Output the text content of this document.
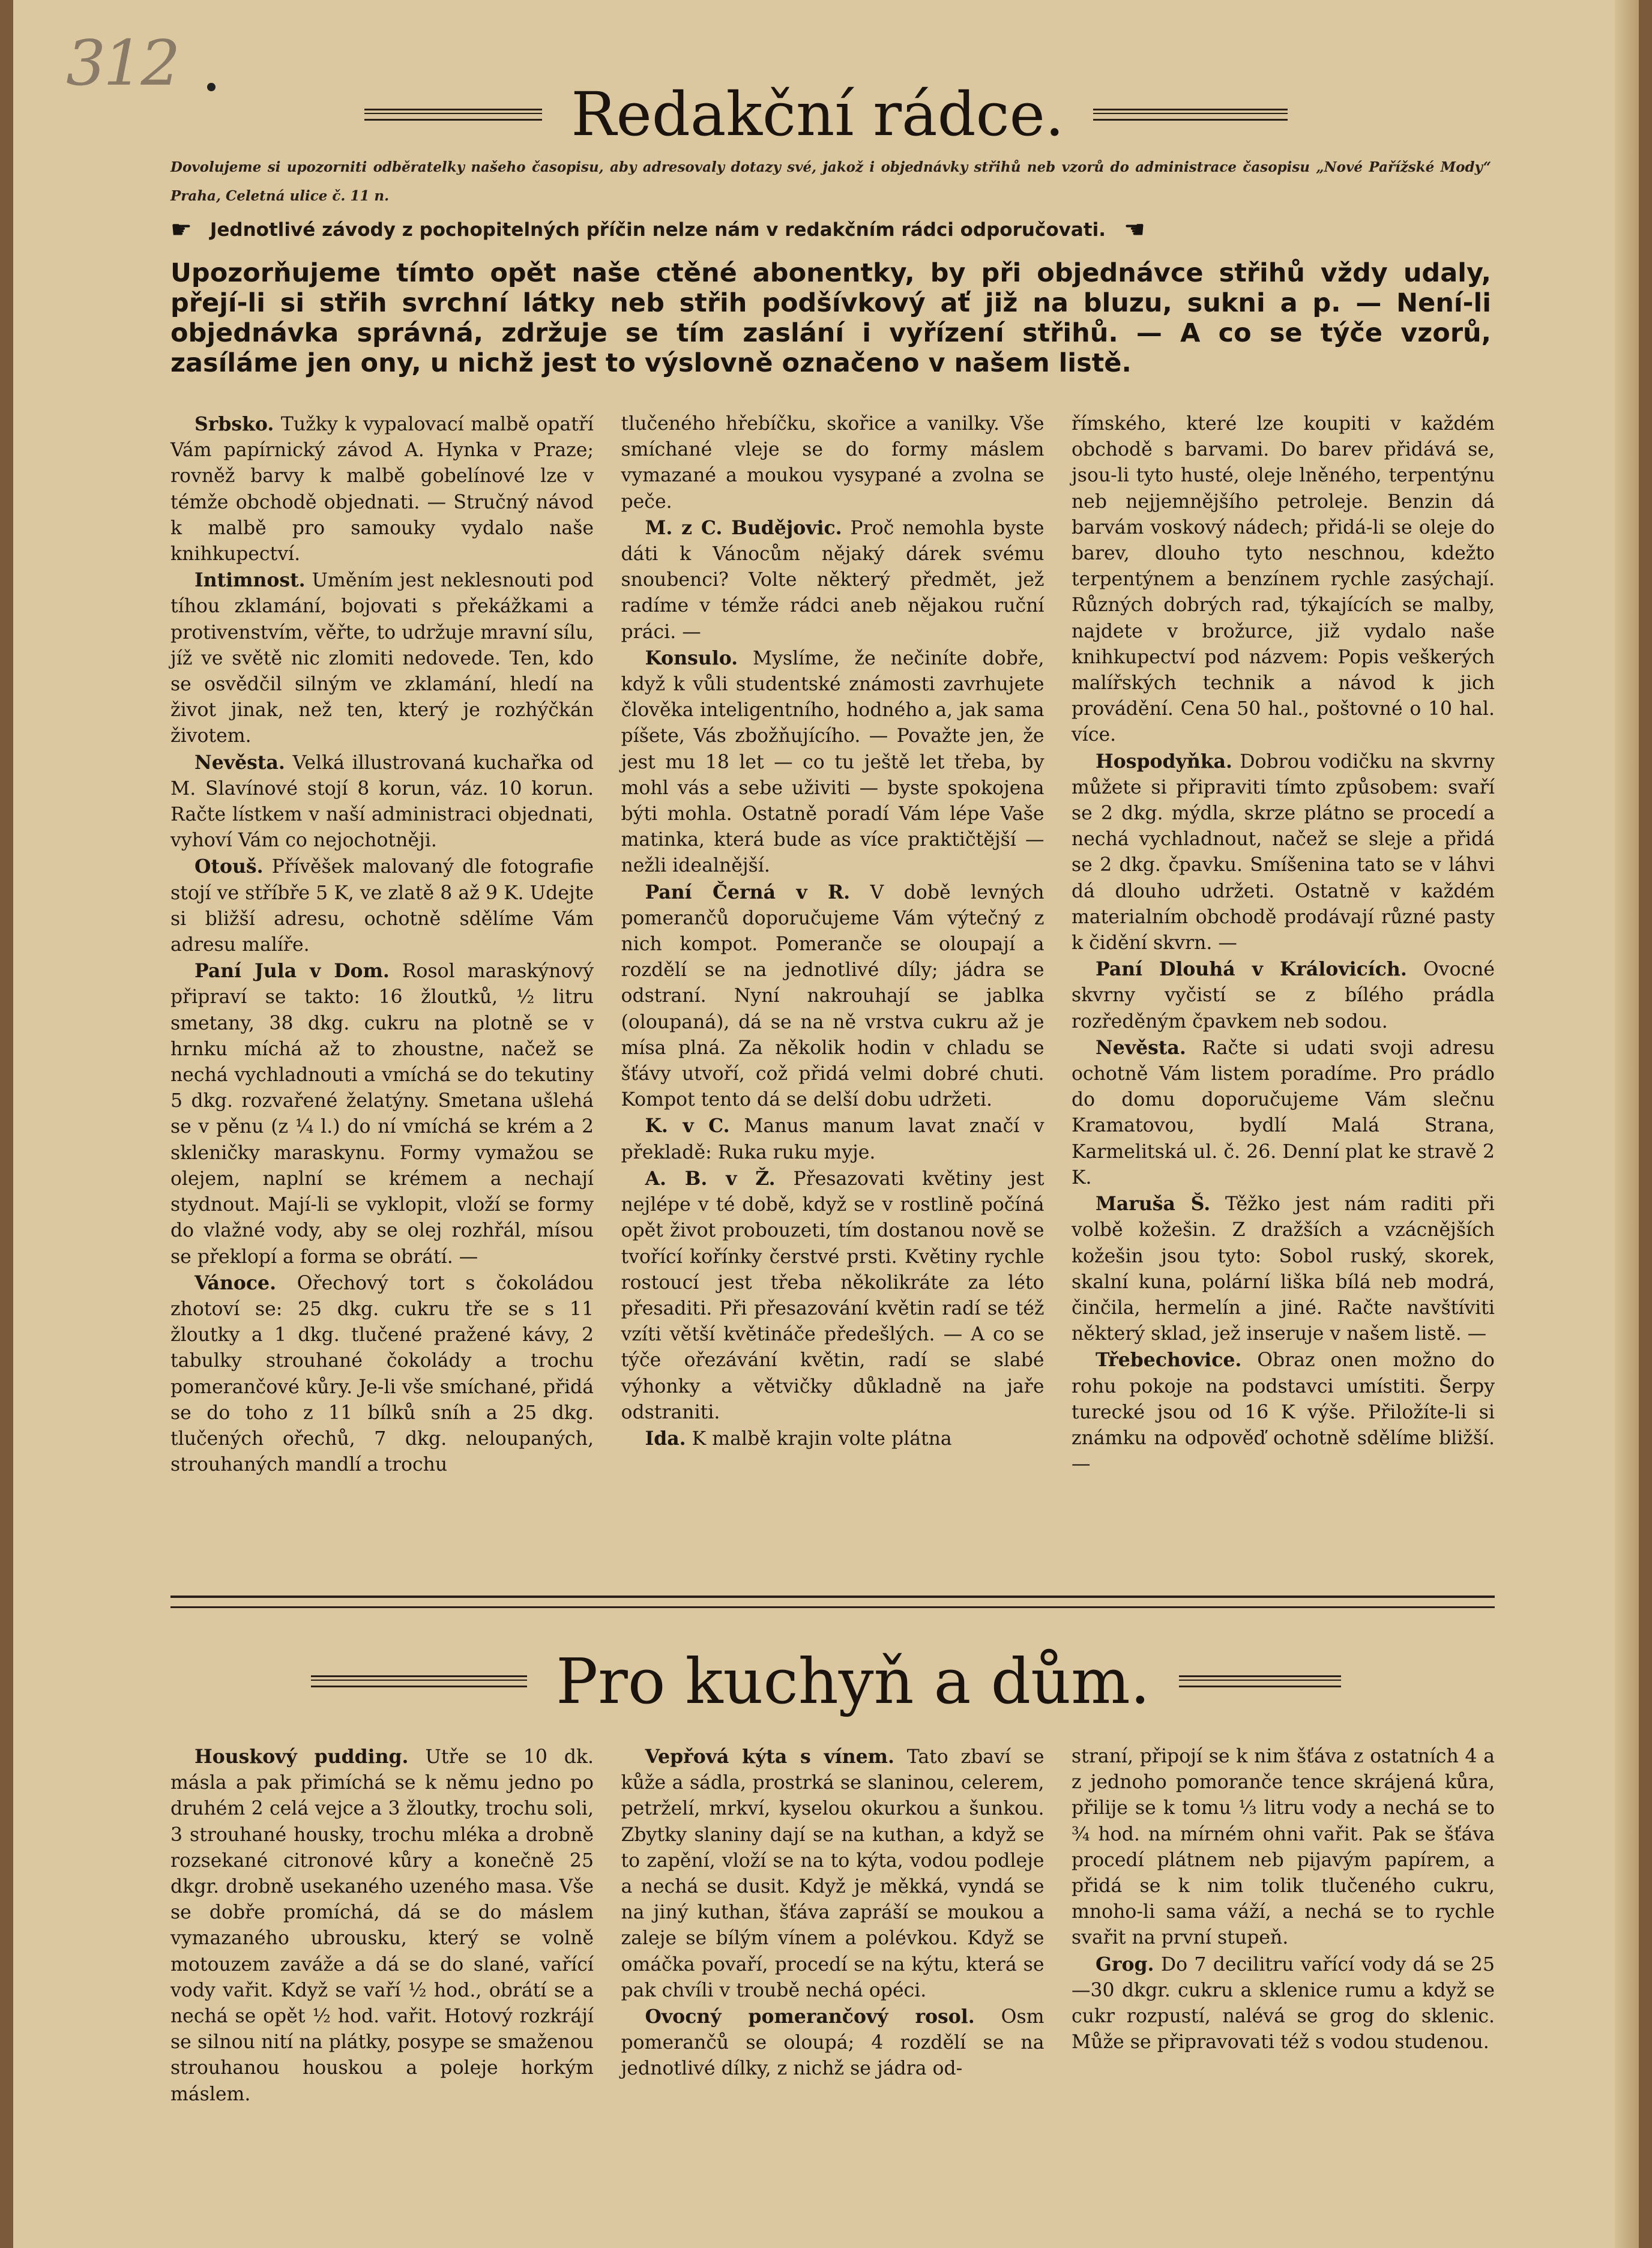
312
Redakční rádce.
Dovolujeme si upozorniti odběratelky našeho časopisu, aby adresovaly dotazy své, jakož i objednávky střihů neb vzorů do administrace časopisu „Nové Pařížské Mody“ Praha, Celetná ulice č. 11 n.
☛ Jednotlivé závody z pochopitelných příčin nelze nám v redakčním rádci odporučovati. ☚
Upozorňujeme tímto opět naše ctěné abonentky, by při objednávce střihů vždy udaly, přejí-li si střih svrchní látky neb střih podšívkový ať již na bluzu, sukni a p. — Není-li objednávka správná, zdržuje se tím zaslání i vyřízení střihů. — A co se týče vzorů, zasíláme jen ony, u nichž jest to výslovně označeno v našem listě.

Srbsko. Tužky k vypalovací malbě opatří Vám papírnický závod A. Hynka v Praze; rovněž barvy k malbě gobelínové lze v témže obchodě objednati. — Stručný návod k malbě pro samouky vydalo naše knihkupectví.

Intimnost. Uměním jest neklesnouti pod tíhou zklamání, bojovati s překážkami a protivenstvím, věřte, to udržuje mravní sílu, jíž ve světě nic zlomiti nedovede. Ten, kdo se osvědčil silným ve zklamání, hledí na život jinak, než ten, který je rozhýčkán životem.

Nevěsta. Velká illustrovaná kuchařka od M. Slavínové stojí 8 korun, váz. 10 korun. Račte lístkem v naší administraci objednati, vyhoví Vám co nejochotněji.

Otouš. Přívěšek malovaný dle fotografie stojí ve stříbře 5 K, ve zlatě 8 až 9 K. Udejte si bližší adresu, ochotně sdělíme Vám adresu malíře.

Paní Jula v Dom. Rosol maraskýnový připraví se takto: 16 žloutků, ½ litru smetany, 38 dkg. cukru na plotně se v hrnku míchá až to zhoustne, načež se nechá vychladnouti a vmíchá se do tekutiny 5 dkg. rozvařené želatýny. Smetana ušlehá se v pěnu (z ¼ l.) do ní vmíchá se krém a 2 skleničky maraskynu. Formy vymažou se olejem, naplní se krémem a nechají stydnout. Mají-li se vyklopit, vloží se formy do vlažné vody, aby se olej rozhřál, mísou se překlopí a forma se obrátí. —

Vánoce. Ořechový tort s čokoládou zhotoví se: 25 dkg. cukru tře se s 11 žloutky a 1 dkg. tlučené pražené kávy, 2 tabulky strouhané čokolády a trochu pomerančové kůry. Je-li vše smíchané, přidá se do toho z 11 bílků sníh a 25 dkg. tlučených ořechů, 7 dkg. neloupaných, strouhaných mandlí a trochu

tlučeného hřebíčku, skořice a vanilky. Vše smíchané vleje se do formy máslem vymazané a moukou vysypané a zvolna se peče.

M. z C. Budějovic. Proč nemohla byste dáti k Vánocům nějaký dárek svému snoubenci? Volte některý předmět, jež radíme v témže rádci aneb nějakou ruční práci. —

Konsulo. Myslíme, že nečiníte dobře, když k vůli studentské známosti zavrhujete člověka inteligentního, hodného a, jak sama píšete, Vás zbožňujícího. — Považte jen, že jest mu 18 let — co tu ještě let třeba, by mohl vás a sebe uživiti — byste spokojena býti mohla. Ostatně poradí Vám lépe Vaše matinka, která bude as více praktičtější — nežli idealnější.

Paní Černá v R. V době levných pomerančů doporučujeme Vám výtečný z nich kompot. Pomeranče se oloupají a rozdělí se na jednotlivé díly; jádra se odstraní. Nyní nakrouhají se jablka (oloupaná), dá se na ně vrstva cukru až je mísa plná. Za několik hodin v chladu se šťávy utvoří, což přidá velmi dobré chuti. Kompot tento dá se delší dobu udržeti.

K. v C. Manus manum lavat značí v překladě: Ruka ruku myje.

A. B. v Ž. Přesazovati květiny jest nejlépe v té době, když se v rostlině počíná opět život probouzeti, tím dostanou nově se tvořící kořínky čerstvé prsti. Květiny rychle rostoucí jest třeba několikráte za léto přesaditi. Při přesazování květin radí se též vzíti větší květináče předešlých. — A co se týče ořezávání květin, radí se slabé výhonky a větvičky důkladně na jaře odstraniti.

Ida. K malbě krajin volte plátna

římského, které lze koupiti v každém obchodě s barvami. Do barev přidává se, jsou-li tyto husté, oleje lněného, terpentýnu neb nejjemnějšího petroleje. Benzin dá barvám voskový nádech; přidá-li se oleje do barev, dlouho tyto neschnou, kdežto terpentýnem a benzínem rychle zasýchají. Různých dobrých rad, týkajících se malby, najdete v brožurce, již vydalo naše knihkupectví pod názvem: Popis veškerých malířských technik a návod k jich provádění. Cena 50 hal., poštovné o 10 hal. více.

Hospodyňka. Dobrou vodičku na skvrny můžete si připraviti tímto způsobem: svaří se 2 dkg. mýdla, skrze plátno se procedí a nechá vychladnout, načež se sleje a přidá se 2 dkg. čpavku. Smíšenina tato se v láhvi dá dlouho udržeti. Ostatně v každém materialním obchodě prodávají různé pasty k čidění skvrn. —

Paní Dlouhá v Královicích. Ovocné skvrny vyčistí se z bílého prádla rozředěným čpavkem neb sodou.

Nevěsta. Račte si udati svoji adresu ochotně Vám listem poradíme. Pro prádlo do domu doporučujeme Vám slečnu Kramatovou, bydlí Malá Strana, Karmelitská ul. č. 26. Denní plat ke stravě 2 K.

Maruša Š. Těžko jest nám raditi při volbě kožešin. Z dražších a vzácnějších kožešin jsou tyto: Sobol ruský, skorek, skalní kuna, polární liška bílá neb modrá, činčila, hermelín a jiné. Račte navštíviti některý sklad, jež inseruje v našem listě. —

Třebechovice. Obraz onen možno do rohu pokoje na podstavci umístiti. Šerpy turecké jsou od 16 K výše. Přiložíte-li si známku na odpověď ochotně sdělíme bližší. —

Pro kuchyň a dům.

Houskový pudding. Utře se 10 dk. másla a pak přimíchá se k němu jedno po druhém 2 celá vejce a 3 žloutky, trochu soli, 3 strouhané housky, trochu mléka a drobně rozsekané citronové kůry a konečně 25 dkgr. drobně usekaného uzeného masa. Vše se dobře promíchá, dá se do máslem vymazaného ubrousku, který se volně motouzem zaváže a dá se do slané, vařící vody vařit. Když se vaří ½ hod., obrátí se a nechá se opět ½ hod. vařit. Hotový rozkrájí se silnou nití na plátky, posype se smaženou strouhanou houskou a poleje horkým máslem.

Vepřová kýta s vínem. Tato zbaví se kůže a sádla, prostrká se slaninou, celerem, petrželí, mrkví, kyselou okurkou a šunkou. Zbytky slaniny dají se na kuthan, a když se to zapění, vloží se na to kýta, vodou podleje a nechá se dusit. Když je měkká, vyndá se na jiný kuthan, šťáva zapráší se moukou a zaleje se bílým vínem a polévkou. Když se omáčka povaří, procedí se na kýtu, která se pak chvíli v troubě nechá opéci.

Ovocný pomerančový rosol. Osm pomerančů se oloupá; 4 rozdělí se na jednotlivé dílky, z nichž se jádra od-

straní, připojí se k nim šťáva z ostatních 4 a z jednoho pomoranče tence skrájená kůra, přilije se k tomu ⅓ litru vody a nechá se to ¾ hod. na mírném ohni vařit. Pak se šťáva procedí plátnem neb pijavým papírem, a přidá se k nim tolik tlučeného cukru, mnoho-li sama váží, a nechá se to rychle svařit na první stupeň.

Grog. Do 7 decilitru vařící vody dá se 25—30 dkgr. cukru a sklenice rumu a když se cukr rozpustí, nalévá se grog do sklenic. Může se připravovati též s vodou studenou.
